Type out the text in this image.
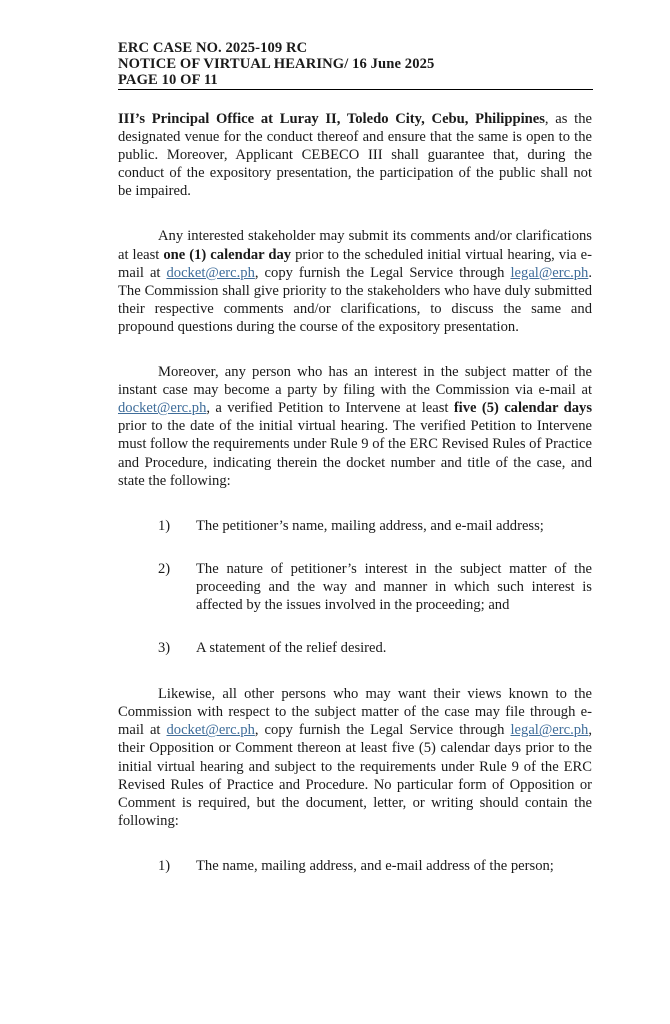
ERC CASE NO. 2025-109 RC
NOTICE OF VIRTUAL HEARING/ 16 June 2025
PAGE 10 OF 11

III’s Principal Office at Luray II, Toledo City, Cebu, Philippines, as the designated venue for the conduct thereof and ensure that the same is open to the public. Moreover, Applicant CEBECO III shall guarantee that, during the conduct of the expository presentation, the participation of the public shall not be impaired.

Any interested stakeholder may submit its comments and/or clarifications at least one (1) calendar day prior to the scheduled initial virtual hearing, via e-mail at docket@erc.ph, copy furnish the Legal Service through legal@erc.ph. The Commission shall give priority to the stakeholders who have duly submitted their respective comments and/or clarifications, to discuss the same and propound questions during the course of the expository presentation.

Moreover, any person who has an interest in the subject matter of the instant case may become a party by filing with the Commission via e-mail at docket@erc.ph, a verified Petition to Intervene at least five (5) calendar days prior to the date of the initial virtual hearing. The verified Petition to Intervene must follow the requirements under Rule 9 of the ERC Revised Rules of Practice and Procedure, indicating therein the docket number and title of the case, and state the following:

1)	The petitioner’s name, mailing address, and e-mail address;
2)	The nature of petitioner’s interest in the subject matter of the proceeding and the way and manner in which such interest is affected by the issues involved in the proceeding; and
3)	A statement of the relief desired.

Likewise, all other persons who may want their views known to the Commission with respect to the subject matter of the case may file through e-mail at docket@erc.ph, copy furnish the Legal Service through legal@erc.ph, their Opposition or Comment thereon at least five (5) calendar days prior to the initial virtual hearing and subject to the requirements under Rule 9 of the ERC Revised Rules of Practice and Procedure. No particular form of Opposition or Comment is required, but the document, letter, or writing should contain the following:

1)	The name, mailing address, and e-mail address of the person;
